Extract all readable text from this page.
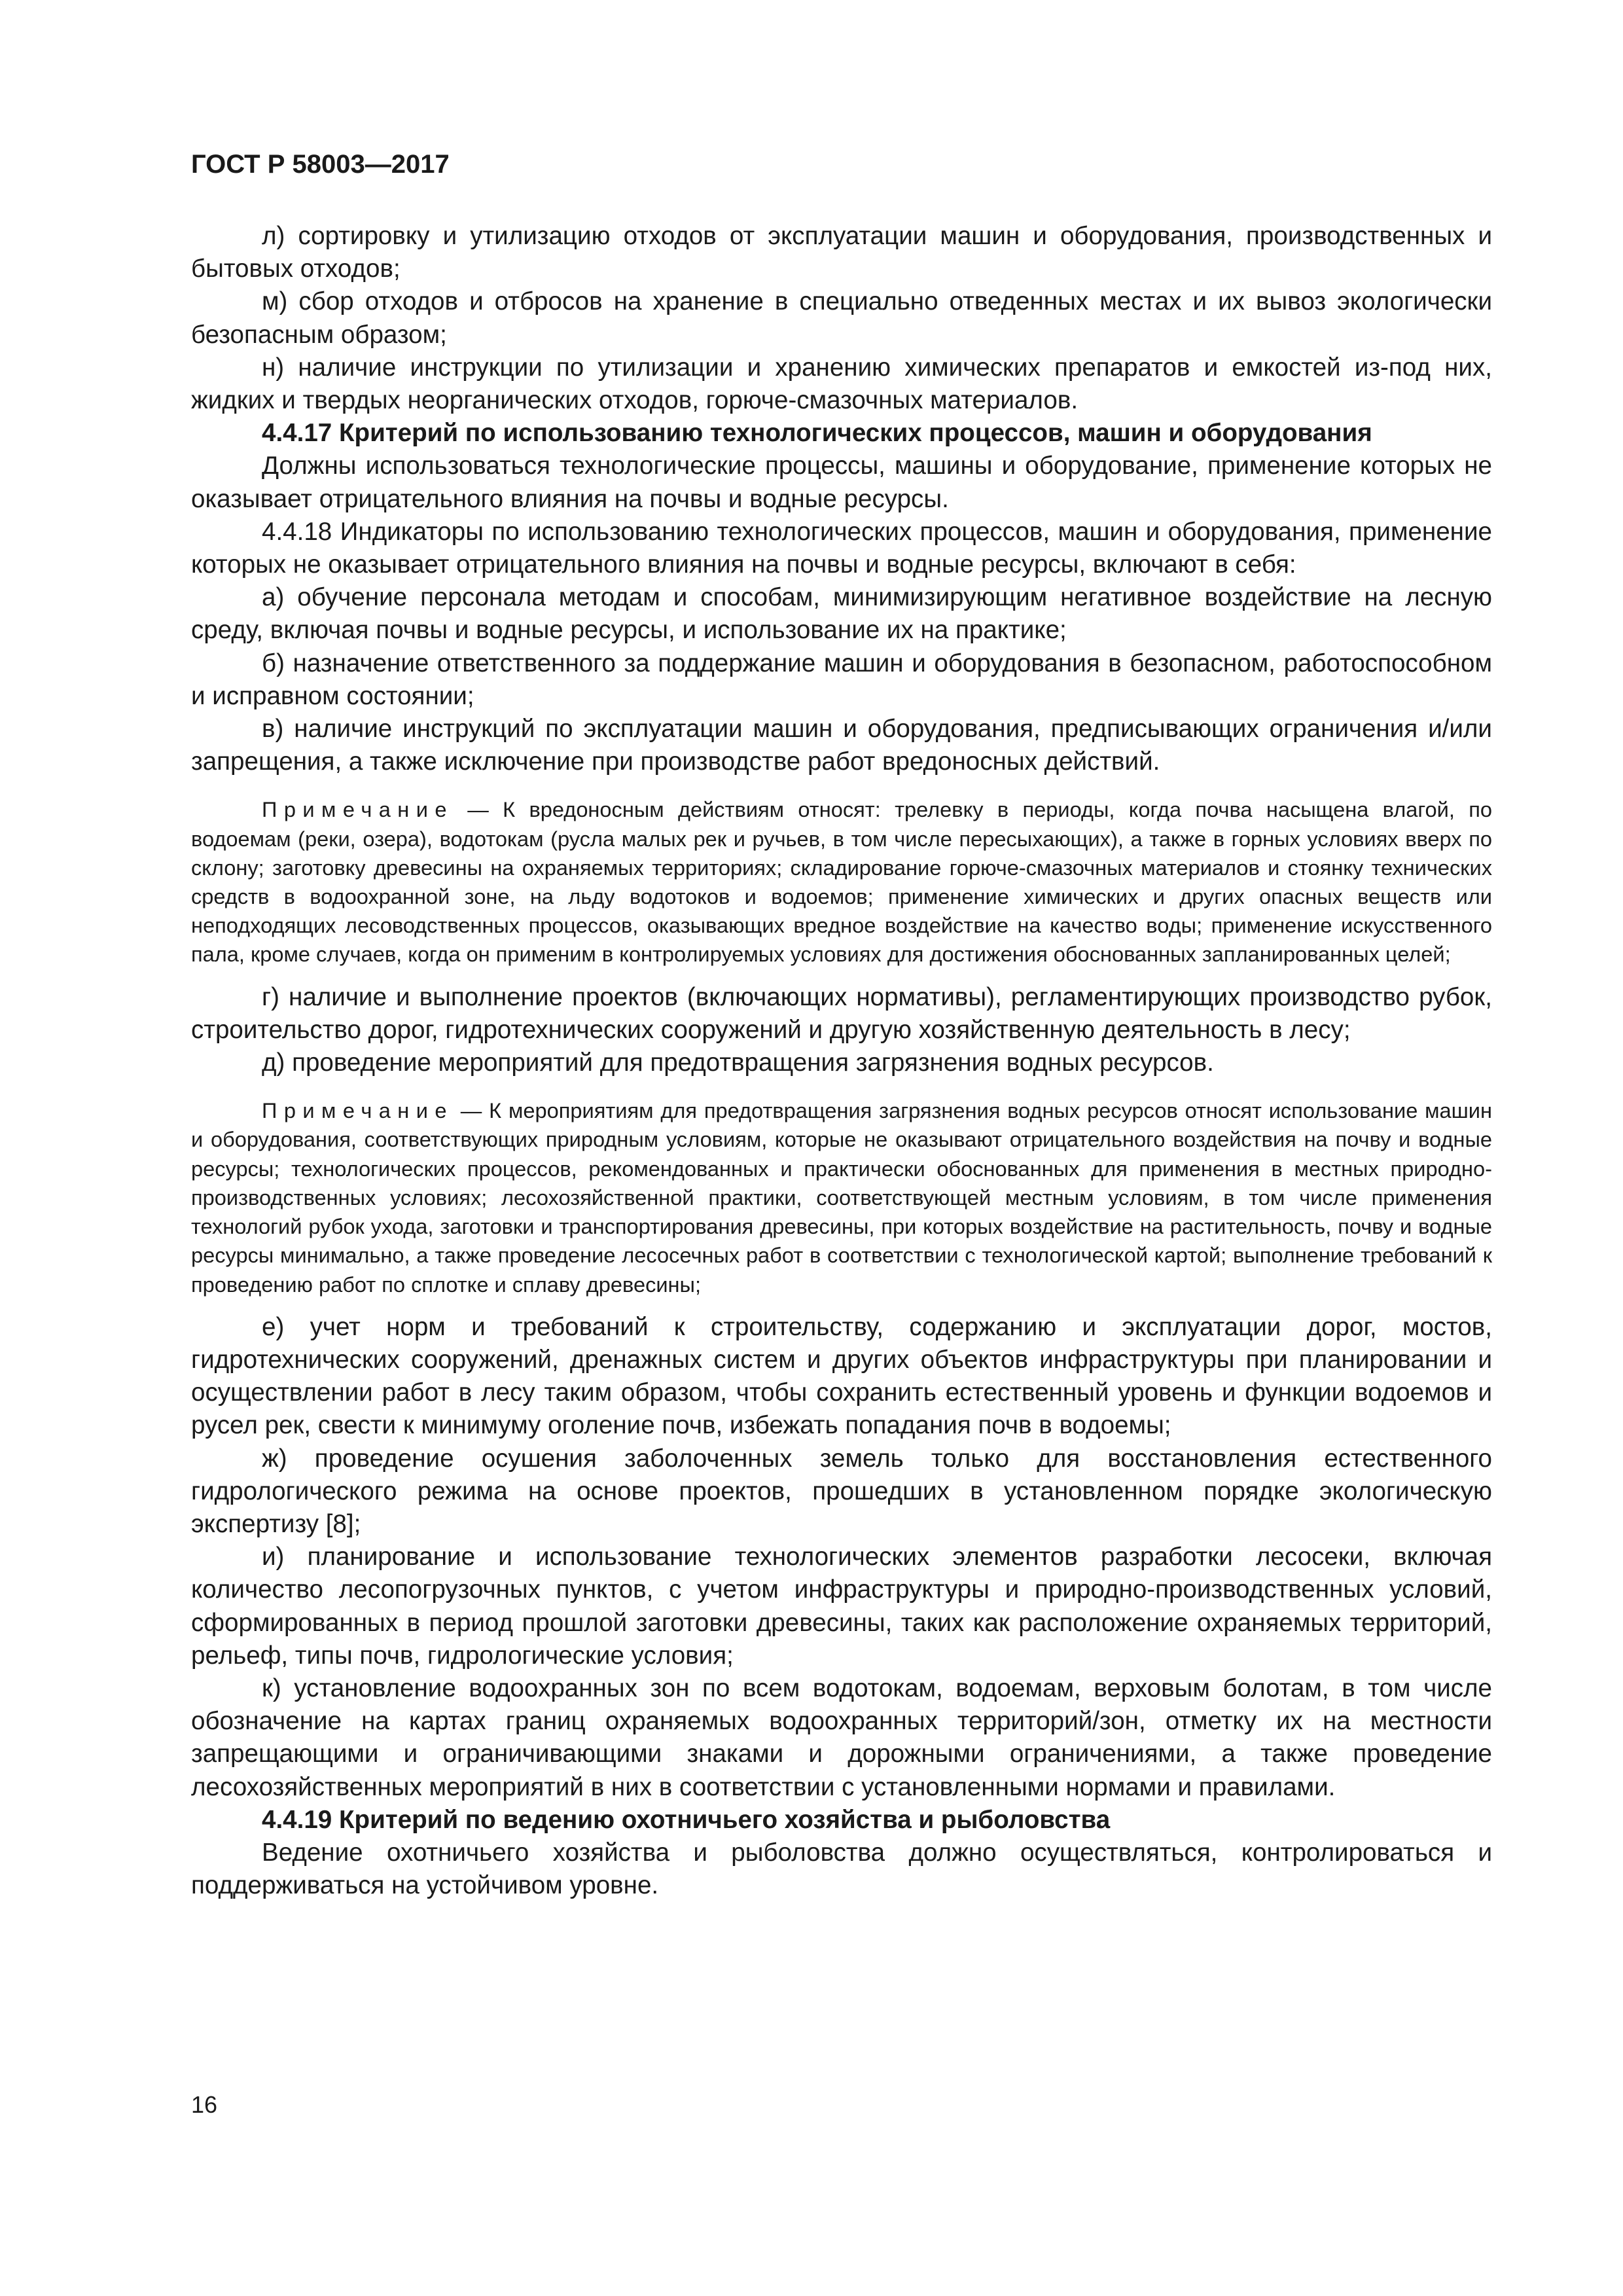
ГОСТ Р 58003—2017

л) сортировку и утилизацию отходов от эксплуатации машин и оборудования, производственных и бытовых отходов;

м) сбор отходов и отбросов на хранение в специально отведенных местах и их вывоз экологически безопасным образом;

н) наличие инструкции по утилизации и хранению химических препаратов и емкостей из-под них, жидких и твердых неорганических отходов, горюче-смазочных материалов.

4.4.17 Критерий по использованию технологических процессов, машин и оборудования

Должны использоваться технологические процессы, машины и оборудование, применение которых не оказывает отрицательного влияния на почвы и водные ресурсы.

4.4.18 Индикаторы по использованию технологических процессов, машин и оборудования, применение которых не оказывает отрицательного влияния на почвы и водные ресурсы, включают в себя:

а) обучение персонала методам и способам, минимизирующим негативное воздействие на лесную среду, включая почвы и водные ресурсы, и использование их на практике;

б) назначение ответственного за поддержание машин и оборудования в безопасном, работоспособном и исправном состоянии;

в) наличие инструкций по эксплуатации машин и оборудования, предписывающих ограничения и/или запрещения, а также исключение при производстве работ вредоносных действий.

Примечание — К вредоносным действиям относят: трелевку в периоды, когда почва насыщена влагой, по водоемам (реки, озера), водотокам (русла малых рек и ручьев, в том числе пересыхающих), а также в горных условиях вверх по склону; заготовку древесины на охраняемых территориях; складирование горюче-смазочных материалов и стоянку технических средств в водоохранной зоне, на льду водотоков и водоемов; применение химических и других опасных веществ или неподходящих лесоводственных процессов, оказывающих вредное воздействие на качество воды; применение искусственного пала, кроме случаев, когда он применим в контролируемых условиях для достижения обоснованных запланированных целей;

г) наличие и выполнение проектов (включающих нормативы), регламентирующих производство рубок, строительство дорог, гидротехнических сооружений и другую хозяйственную деятельность в лесу;

д) проведение мероприятий для предотвращения загрязнения водных ресурсов.

Примечание — К мероприятиям для предотвращения загрязнения водных ресурсов относят использование машин и оборудования, соответствующих природным условиям, которые не оказывают отрицательного воздействия на почву и водные ресурсы; технологических процессов, рекомендованных и практически обоснованных для применения в местных природно-производственных условиях; лесохозяйственной практики, соответствующей местным условиям, в том числе применения технологий рубок ухода, заготовки и транспортирования древесины, при которых воздействие на растительность, почву и водные ресурсы минимально, а также проведение лесосечных работ в соответствии с технологической картой; выполнение требований к проведению работ по сплотке и сплаву древесины;

е) учет норм и требований к строительству, содержанию и эксплуатации дорог, мостов, гидротехнических сооружений, дренажных систем и других объектов инфраструктуры при планировании и осуществлении работ в лесу таким образом, чтобы сохранить естественный уровень и функции водоемов и русел рек, свести к минимуму оголение почв, избежать попадания почв в водоемы;

ж) проведение осушения заболоченных земель только для восстановления естественного гидрологического режима на основе проектов, прошедших в установленном порядке экологическую экспертизу [8];

и) планирование и использование технологических элементов разработки лесосеки, включая количество лесопогрузочных пунктов, с учетом инфраструктуры и природно-производственных условий, сформированных в период прошлой заготовки древесины, таких как расположение охраняемых территорий, рельеф, типы почв, гидрологические условия;

к) установление водоохранных зон по всем водотокам, водоемам, верховым болотам, в том числе обозначение на картах границ охраняемых водоохранных территорий/зон, отметку их на местности запрещающими и ограничивающими знаками и дорожными ограничениями, а также проведение лесохозяйственных мероприятий в них в соответствии с установленными нормами и правилами.

4.4.19 Критерий по ведению охотничьего хозяйства и рыболовства

Ведение охотничьего хозяйства и рыболовства должно осуществляться, контролироваться и поддерживаться на устойчивом уровне.

16
